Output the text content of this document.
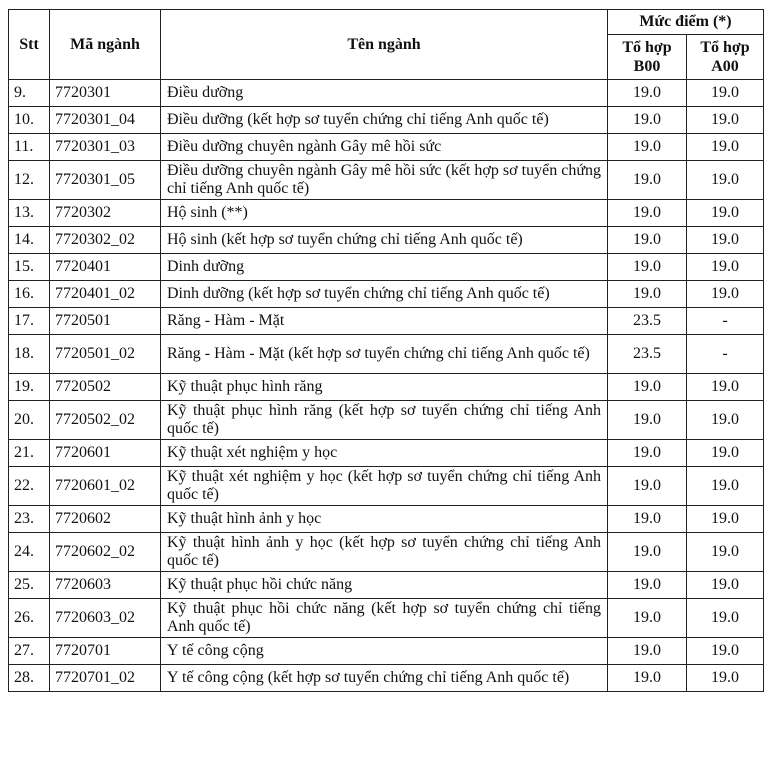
Stt	Mã ngành	Tên ngành	Mức điểm (*)	
			Tổ hợp B00	Tổ hợp A00
9.	7720301	Điều dưỡng	19.0	19.0
10.	7720301_04	Điều dưỡng (kết hợp sơ tuyển chứng chỉ tiếng Anh quốc tế)	19.0	19.0
11.	7720301_03	Điều dưỡng chuyên ngành Gây mê hồi sức	19.0	19.0
12.	7720301_05	Điều dưỡng chuyên ngành Gây mê hồi sức (kết hợp sơ tuyển chứng chỉ tiếng Anh quốc tế)	19.0	19.0
13.	7720302	Hộ sinh (**)	19.0	19.0
14.	7720302_02	Hộ sinh (kết hợp sơ tuyển chứng chỉ tiếng Anh quốc tế)	19.0	19.0
15.	7720401	Dinh dưỡng	19.0	19.0
16.	7720401_02	Dinh dưỡng (kết hợp sơ tuyển chứng chỉ tiếng Anh quốc tế)	19.0	19.0
17.	7720501	Răng - Hàm - Mặt	23.5	-
18.	7720501_02	Răng - Hàm - Mặt (kết hợp sơ tuyển chứng chỉ tiếng Anh quốc tế)	23.5	-
19.	7720502	Kỹ thuật phục hình răng	19.0	19.0
20.	7720502_02	Kỹ thuật phục hình răng (kết hợp sơ tuyển chứng chỉ tiếng Anh quốc tế)	19.0	19.0
21.	7720601	Kỹ thuật xét nghiệm y học	19.0	19.0
22.	7720601_02	Kỹ thuật xét nghiệm y học (kết hợp sơ tuyển chứng chỉ tiếng Anh quốc tế)	19.0	19.0
23.	7720602	Kỹ thuật hình ảnh y học	19.0	19.0
24.	7720602_02	Kỹ thuật hình ảnh y học (kết hợp sơ tuyển chứng chỉ tiếng Anh quốc tế)	19.0	19.0
25.	7720603	Kỹ thuật phục hồi chức năng	19.0	19.0
26.	7720603_02	Kỹ thuật phục hồi chức năng (kết hợp sơ tuyển chứng chỉ tiếng Anh quốc tế)	19.0	19.0
27.	7720701	Y tế công cộng	19.0	19.0
28.	7720701_02	Y tế công cộng (kết hợp sơ tuyển chứng chỉ tiếng Anh quốc tế)	19.0	19.0
